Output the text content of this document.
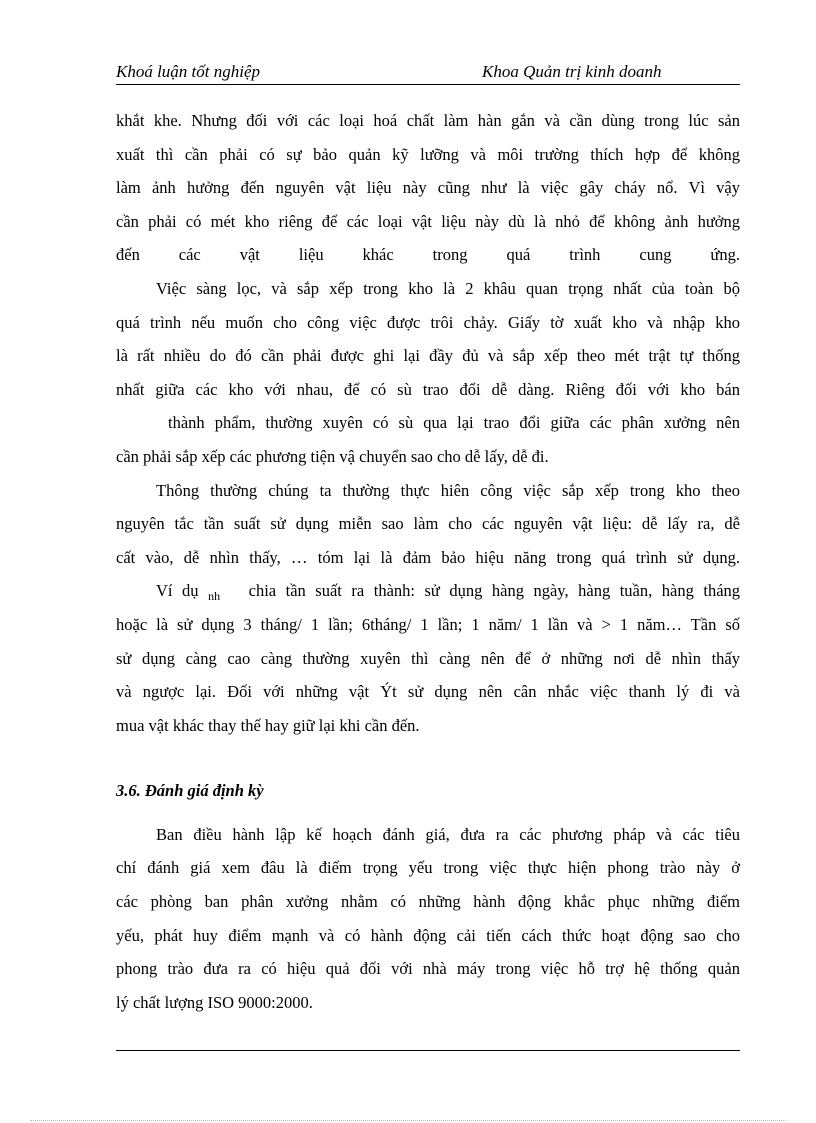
Khoá luận tốt nghiệp	Khoa Quản trị kinh doanh
khắt khe. Nhưng đối với các loại hoá chất làm hàn gắn và cần dùng trong lúc sản
xuất thì cần phải có sự bảo quản kỹ lưỡng và môi trường thích hợp để không
làm ảnh hưởng đến nguyên vật liệu này cũng như là việc gây cháy nổ. Vì vậy
cần phải có mét kho riêng để các loại vật liệu này dù là nhỏ để không ảnh hưởng
đến các vật liệu khác trong quá trình cung ứng.
Việc sàng lọc, và sắp xếp trong kho là 2 khâu quan trọng nhất của toàn bộ
quá trình nếu muốn cho công việc được trôi chảy. Giấy tờ xuất kho và nhập kho
là rất nhiều do đó cần phải được ghi lại đầy đủ và sắp xếp theo mét trật tự thống
nhất giữa các kho với nhau, để có sù trao đổi dễ dàng. Riêng đối với kho bán
thành phẩm, thường xuyên có sù qua lại trao đổi giữa các phân xưởng nên
cần phải sắp xếp các phương tiện vậ chuyển sao cho dễ lấy, dễ đi.
Thông thường chúng ta thường thực hiên công việc sắp xếp trong kho theo
nguyên tắc tần suất sử dụng miễn sao làm cho các nguyên vật liệu: dễ lấy ra, dễ
cất vào, dễ nhìn thấy, … tóm lại là đảm bảo hiệu năng trong quá trình sử dụng.
Ví dụ $_{nh}$ chia tần suất ra thành: sử dụng hàng ngày, hàng tuần, hàng tháng
hoặc là sử dụng 3 tháng/ 1 lần; 6tháng/ 1 lần; 1 năm/ 1 lần và > 1 năm… Tần số
sử dụng càng cao càng thường xuyên thì càng nên để ở những nơi dễ nhìn thấy
và ngược lại. Đối với những vật Ýt sử dụng nên cân nhắc việc thanh lý đi và
mua vật khác thay thế hay giữ lại khi cần đến.
3.6. Đánh giá định kỳ
Ban điều hành lập kế hoạch đánh giá, đưa ra các phương pháp và các tiêu
chí đánh giá xem đâu là điểm trọng yếu trong việc thực hiện phong trào này ở
các phòng ban phân xưởng nhằm có những hành động khắc phục những điểm
yếu, phát huy điểm mạnh và có hành động cải tiến cách thức hoạt động sao cho
phong trào đưa ra có hiệu quả đối với nhà máy trong việc hỗ trợ hệ thống quản
lý chất lượng ISO 9000:2000.
